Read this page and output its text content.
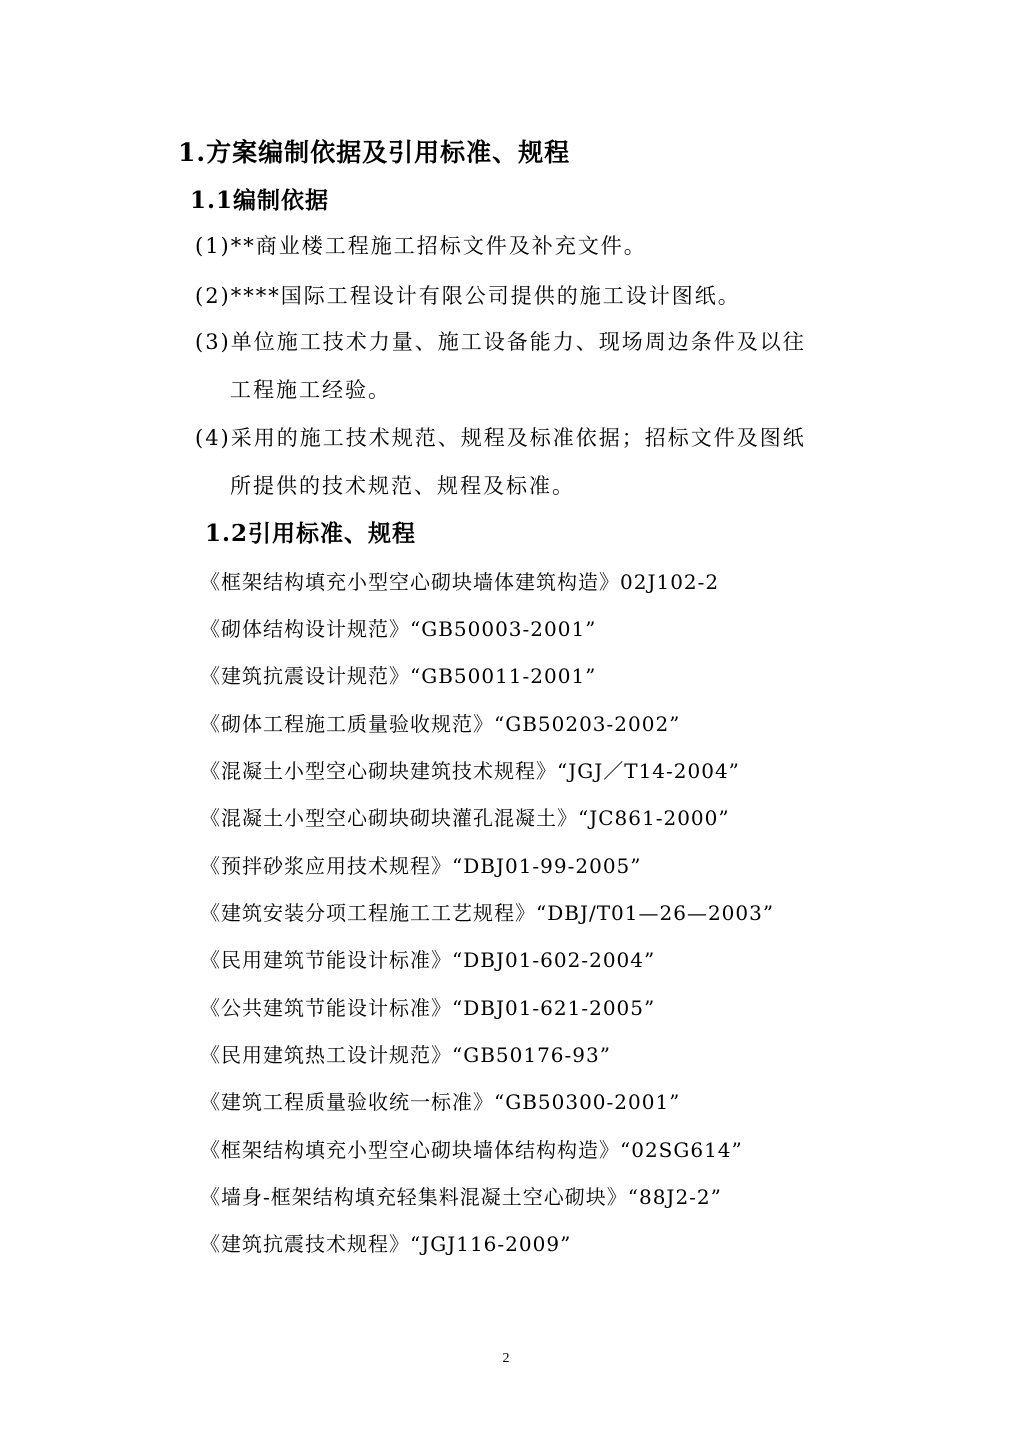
1.方案编制依据及引用标准、规程
1.1编制依据
(1)**商业楼工程施工招标文件及补充文件。
(2)****国际工程设计有限公司提供的施工设计图纸。
(3)单位施工技术力量、施工设备能力、现场周边条件及以往
工程施工经验。
(4)采用的施工技术规范、规程及标准依据；招标文件及图纸
所提供的技术规范、规程及标准。
1.2引用标准、规程
《框架结构填充小型空心砌块墙体建筑构造》02J102-2
《砌体结构设计规范》“GB50003-2001”
《建筑抗震设计规范》“GB50011-2001”
《砌体工程施工质量验收规范》“GB50203-2002”
《混凝土小型空心砌块建筑技术规程》“JGJ／T14-2004”
《混凝土小型空心砌块砌块灌孔混凝土》“JC861-2000”
《预拌砂浆应用技术规程》“DBJ01-99-2005”
《建筑安装分项工程施工工艺规程》“DBJ/T01—26—2003”
《民用建筑节能设计标准》“DBJ01-602-2004”
《公共建筑节能设计标准》“DBJ01-621-2005”
《民用建筑热工设计规范》“GB50176-93”
《建筑工程质量验收统一标准》“GB50300-2001”
《框架结构填充小型空心砌块墙体结构构造》“02SG614”
《墙身-框架结构填充轻集料混凝土空心砌块》“88J2-2”
《建筑抗震技术规程》“JGJ116-2009”
2
